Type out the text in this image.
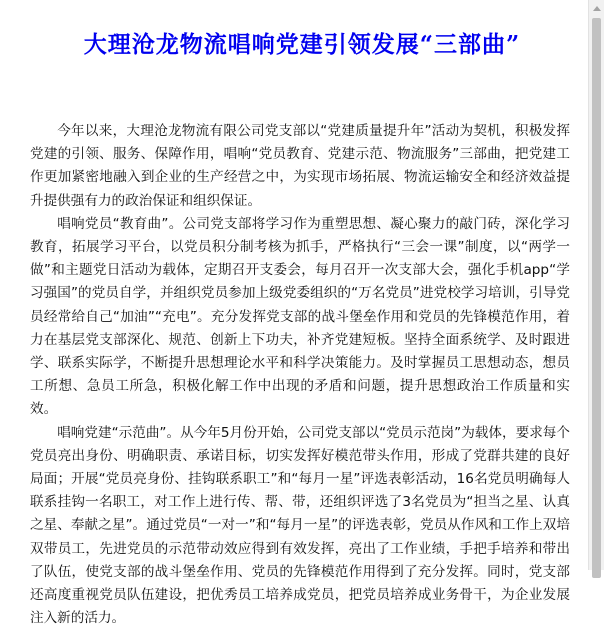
大理沧龙物流唱响党建引领发展“三部曲”

今年以来，大理沧龙物流有限公司党支部以“党建质量提升年”活动为契机，积极发挥党建的引领、服务、保障作用，唱响“党员教育、党建示范、物流服务”三部曲，把党建工作更加紧密地融入到企业的生产经营之中，为实现市场拓展、物流运输安全和经济效益提升提供强有力的政治保证和组织保证。

唱响党员“教育曲”。公司党支部将学习作为重塑思想、凝心聚力的敲门砖，深化学习教育，拓展学习平台，以党员积分制考核为抓手，严格执行“三会一课”制度，以“两学一做”和主题党日活动为载体，定期召开支委会，每月召开一次支部大会，强化手机app“学习强国”的党员自学，并组织党员参加上级党委组织的“万名党员”进党校学习培训，引导党员经常给自己“加油”“充电”。充分发挥党支部的战斗堡垒作用和党员的先锋模范作用，着力在基层党支部深化、规范、创新上下功夫，补齐党建短板。坚持全面系统学、及时跟进学、联系实际学，不断提升思想理论水平和科学决策能力。及时掌握员工思想动态，想员工所想、急员工所急，积极化解工作中出现的矛盾和问题，提升思想政治工作质量和实效。

唱响党建“示范曲”。从今年5月份开始，公司党支部以“党员示范岗”为载体，要求每个党员亮出身份、明确职责、承诺目标，切实发挥好模范带头作用，形成了党群共建的良好局面；开展“党员亮身份、挂钩联系职工”和“每月一星”评选表彰活动，16名党员明确每人联系挂钩一名职工，对工作上进行传、帮、带，还组织评选了3名党员为“担当之星、认真之星、奉献之星”。通过党员“一对一”和“每月一星”的评选表彰，党员从作风和工作上双培双带员工，先进党员的示范带动效应得到有效发挥，亮出了工作业绩，手把手培养和带出了队伍，使党支部的战斗堡垒作用、党员的先锋模范作用得到了充分发挥。同时，党支部还高度重视党员队伍建设，把优秀员工培养成党员，把党员培养成业务骨干，为企业发展注入新的活力。
